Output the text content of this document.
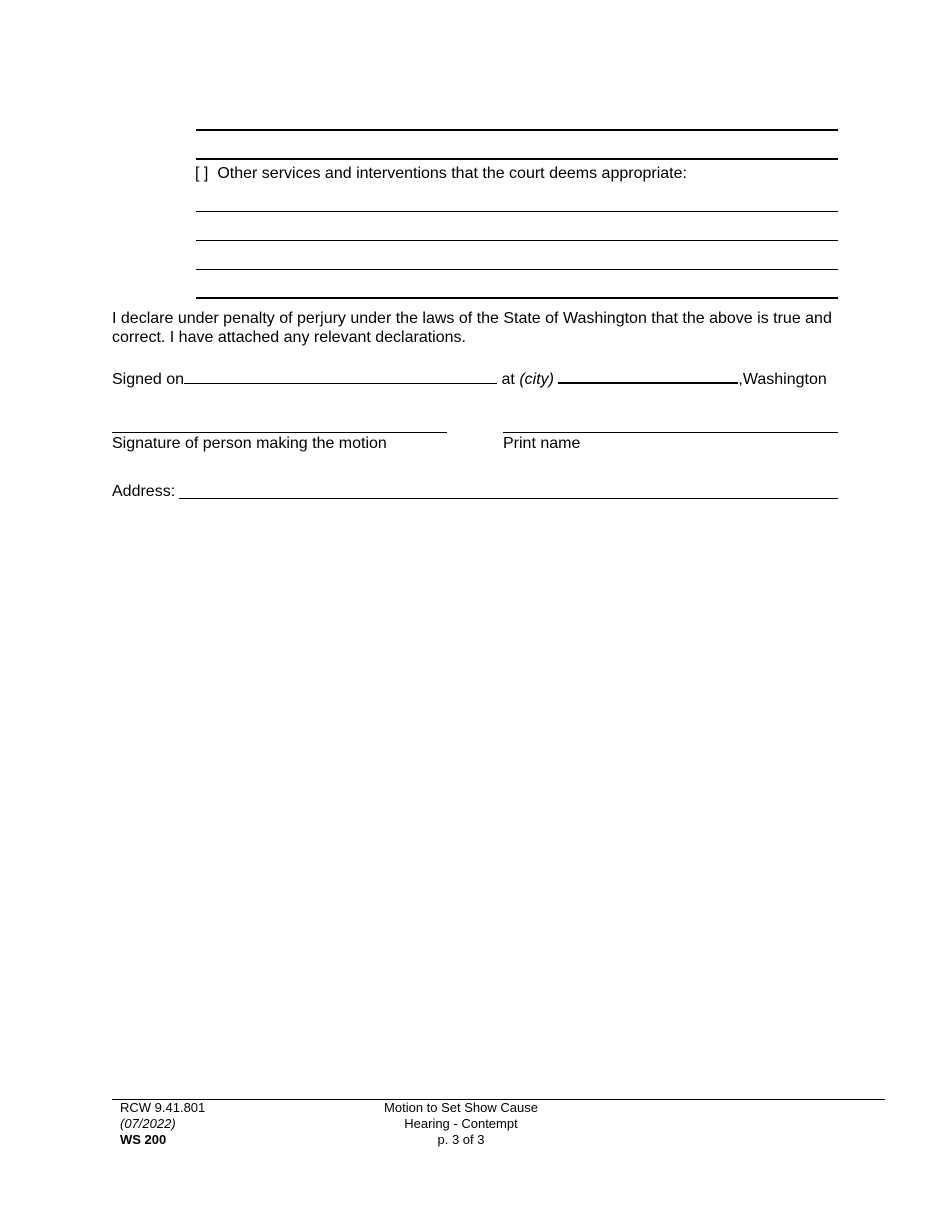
[ ] Other services and interventions that the court deems appropriate:
I declare under penalty of perjury under the laws of the State of Washington that the above is true and correct. I have attached any relevant declarations.
Signed on	at (city)	,Washington
Signature of person making the motion	Print name
Address:
RCW 9.41.801
(07/2022)
WS 200
Motion to Set Show Cause
Hearing - Contempt
p. 3 of 3
